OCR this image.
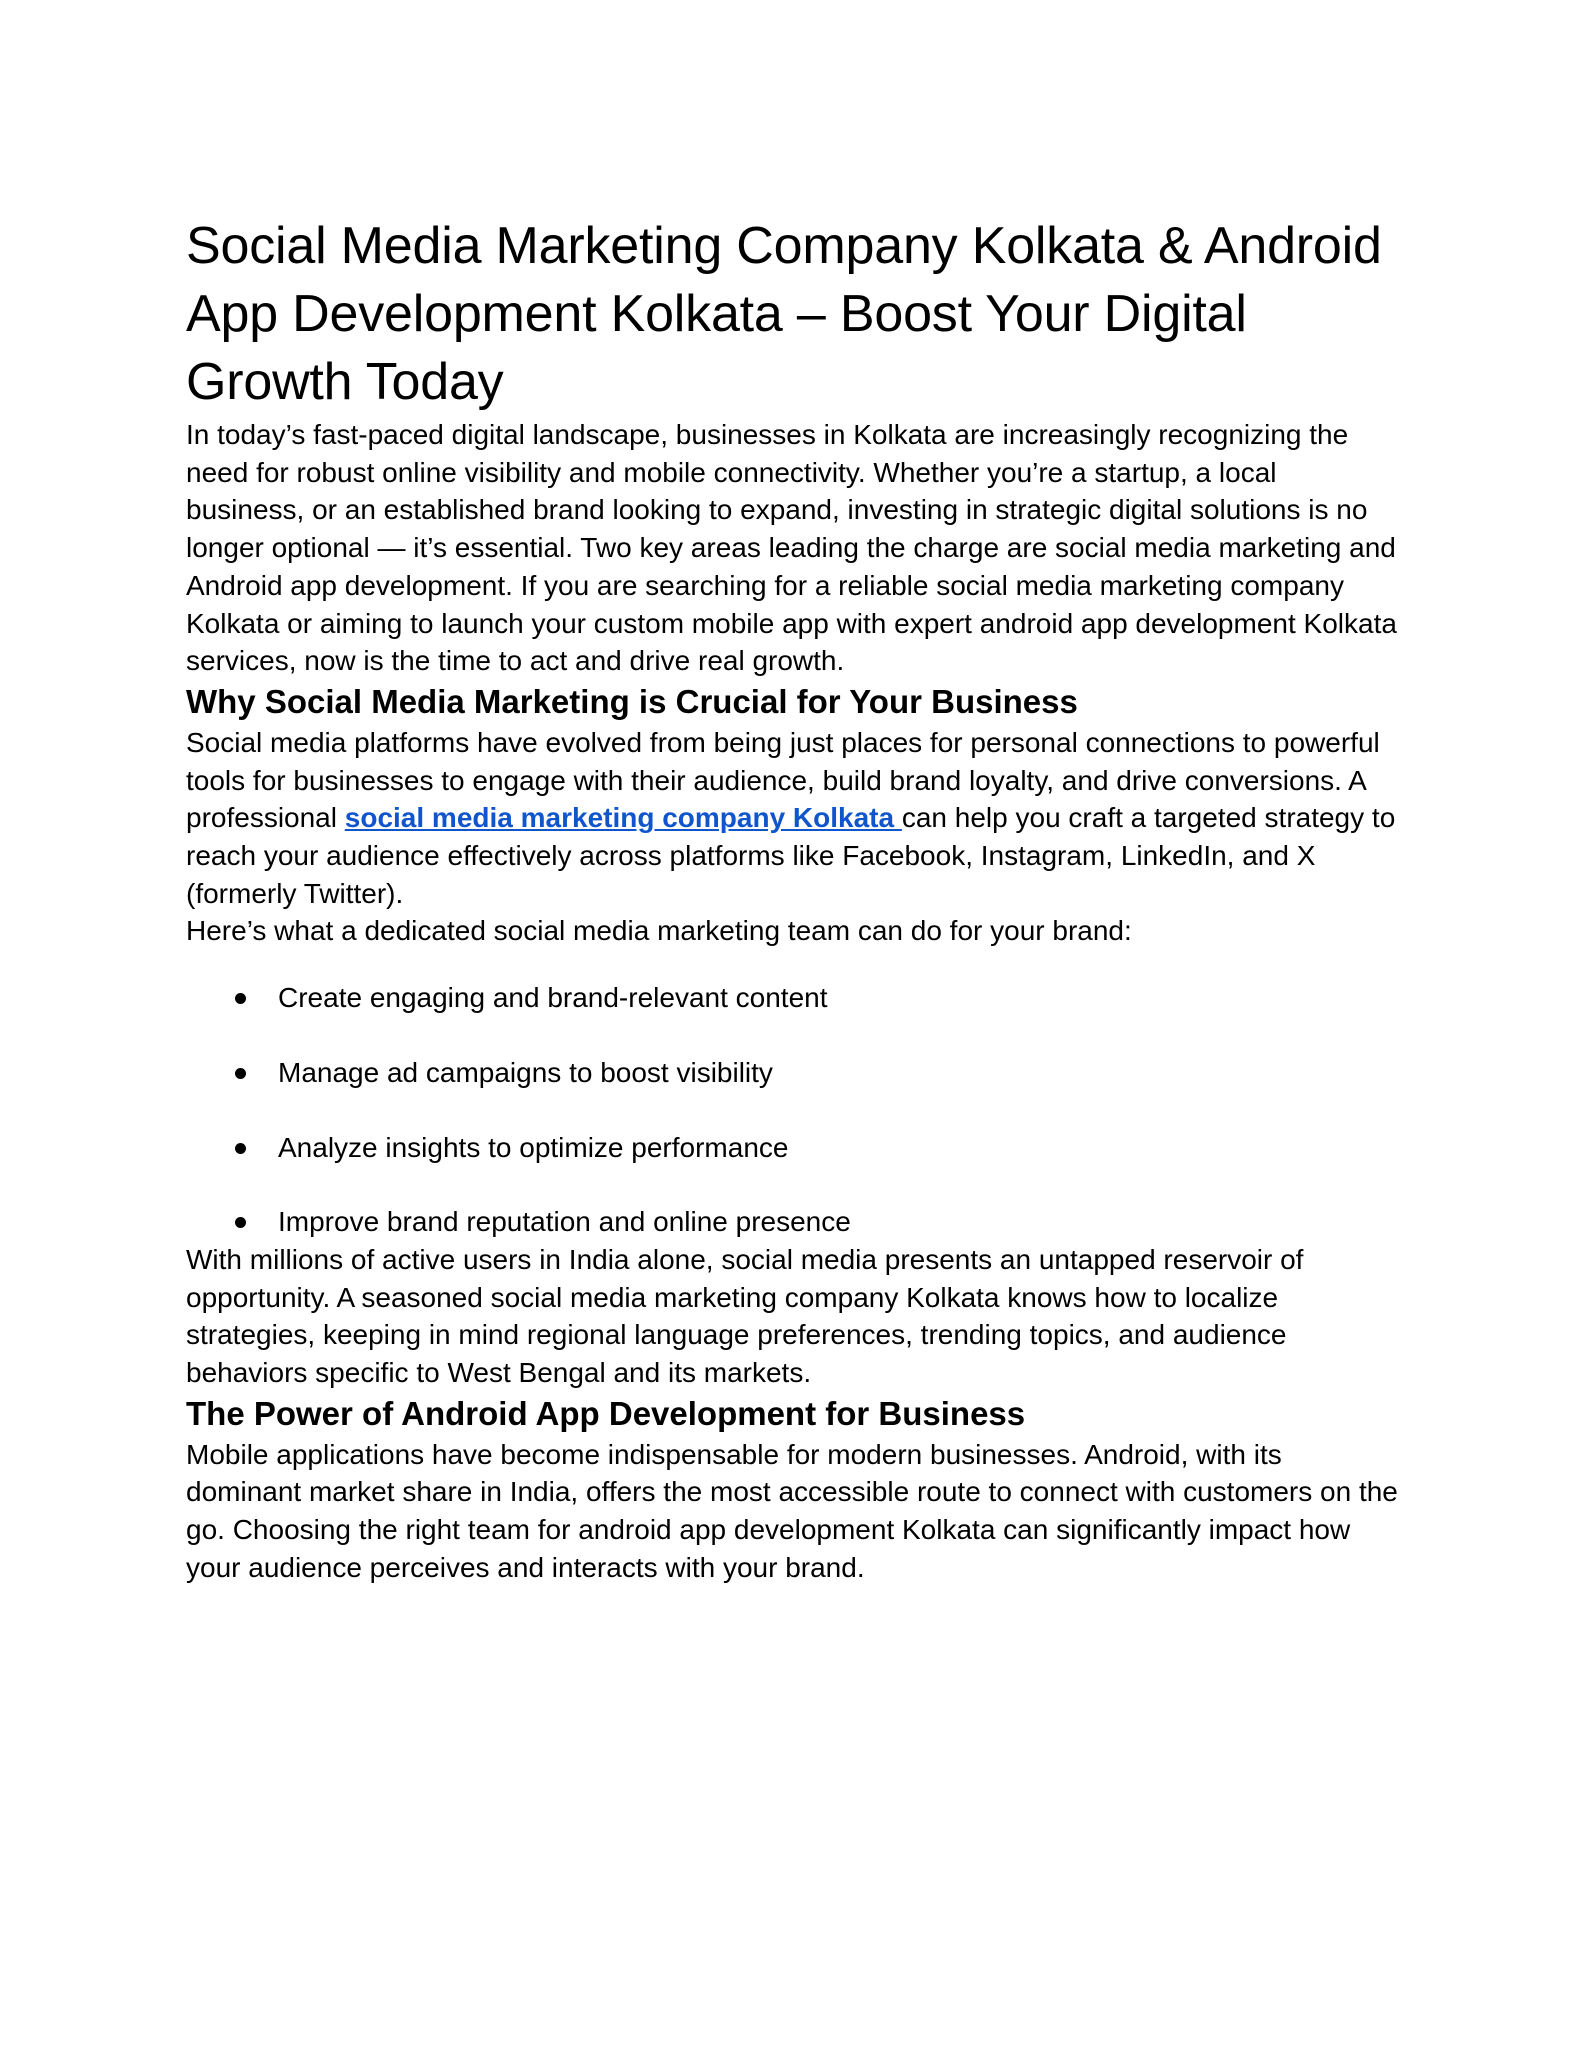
Social Media Marketing Company Kolkata & Android App Development Kolkata – Boost Your Digital Growth Today

In today’s fast-paced digital landscape, businesses in Kolkata are increasingly recognizing the need for robust online visibility and mobile connectivity. Whether you’re a startup, a local business, or an established brand looking to expand, investing in strategic digital solutions is no longer optional — it’s essential. Two key areas leading the charge are social media marketing and Android app development. If you are searching for a reliable social media marketing company Kolkata or aiming to launch your custom mobile app with expert android app development Kolkata services, now is the time to act and drive real growth.

Why Social Media Marketing is Crucial for Your Business

Social media platforms have evolved from being just places for personal connections to powerful tools for businesses to engage with their audience, build brand loyalty, and drive conversions. A professional social media marketing company Kolkata can help you craft a targeted strategy to reach your audience effectively across platforms like Facebook, Instagram, LinkedIn, and X (formerly Twitter).

Here’s what a dedicated social media marketing team can do for your brand:

Create engaging and brand-relevant content
Manage ad campaigns to boost visibility
Analyze insights to optimize performance
Improve brand reputation and online presence

With millions of active users in India alone, social media presents an untapped reservoir of opportunity. A seasoned social media marketing company Kolkata knows how to localize strategies, keeping in mind regional language preferences, trending topics, and audience behaviors specific to West Bengal and its markets.

The Power of Android App Development for Business

Mobile applications have become indispensable for modern businesses. Android, with its dominant market share in India, offers the most accessible route to connect with customers on the go. Choosing the right team for android app development Kolkata can significantly impact how your audience perceives and interacts with your brand.
